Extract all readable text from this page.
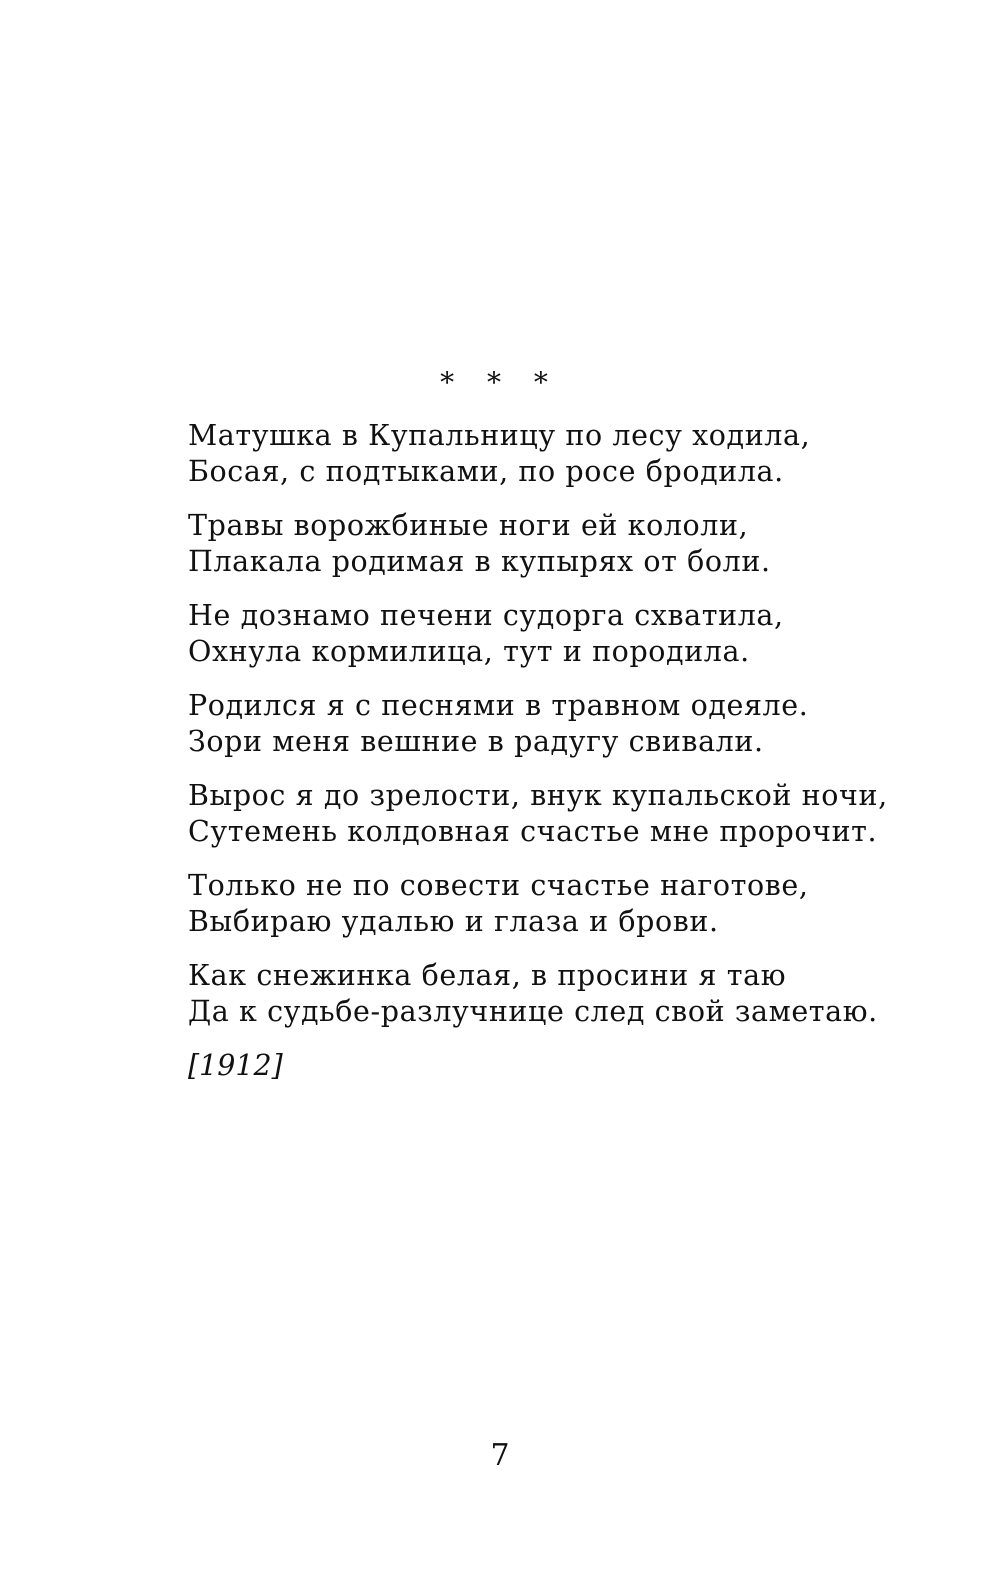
* * *
Матушка в Купальницу по лесу ходила,
Босая, с подтыками, по росе бродила.
Травы ворожбиные ноги ей кололи,
Плакала родимая в купырях от боли.
Не дознамо печени судорга схватила,
Охнула кормилица, тут и породила.
Родился я с песнями в травном одеяле.
Зори меня вешние в радугу свивали.
Вырос я до зрелости, внук купальской ночи,
Сутемень колдовная счастье мне пророчит.
Только не по совести счастье наготове,
Выбираю удалью и глаза и брови.
Как снежинка белая, в просини я таю
Да к судьбе-разлучнице след свой заметаю.
[1912]
7
